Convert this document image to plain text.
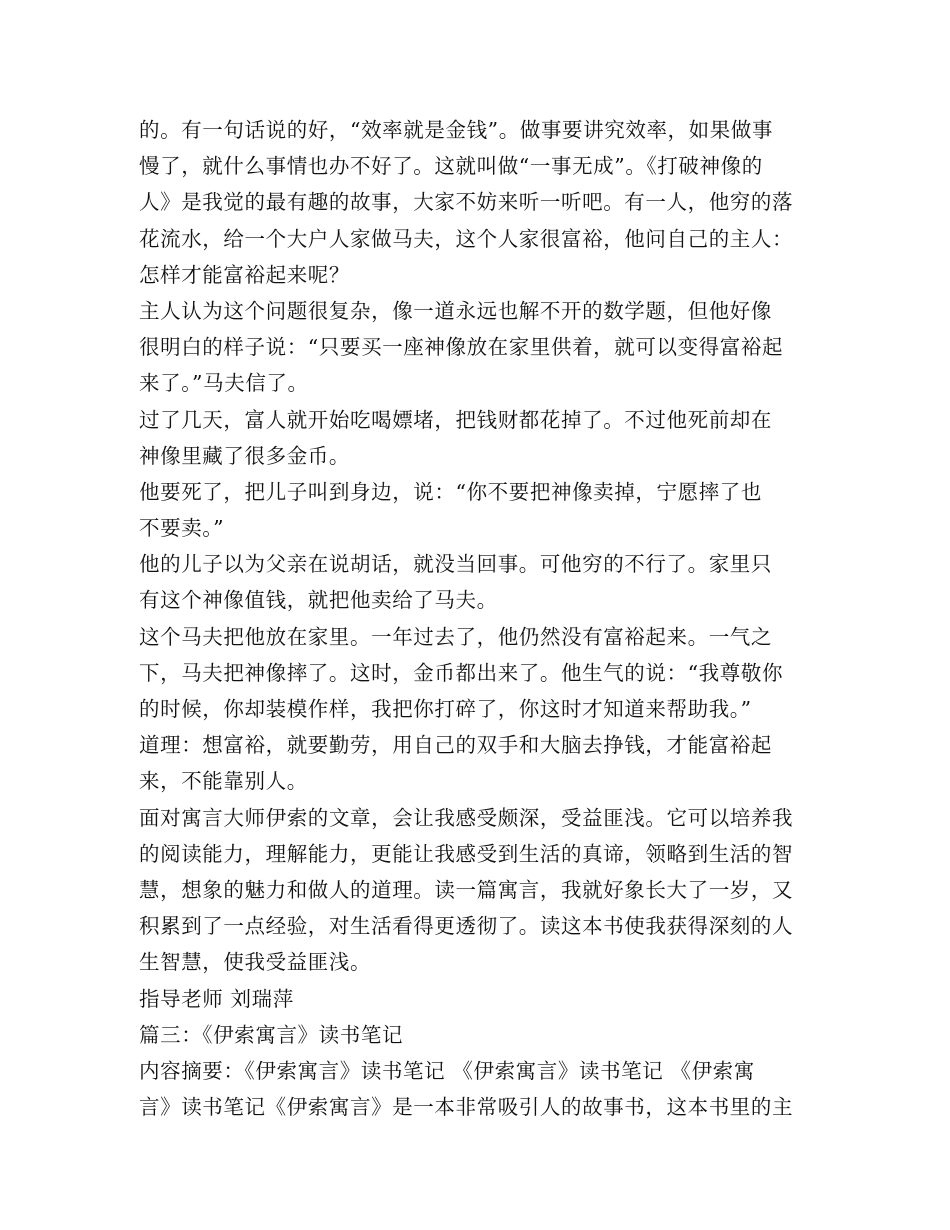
的。有一句话说的好，“效率就是金钱”。做事要讲究效率，如果做事
慢了，就什么事情也办不好了。这就叫做“一事无成”。《打破神像的
人》是我觉的最有趣的故事，大家不妨来听一听吧。有一人，他穷的落
花流水，给一个大户人家做马夫，这个人家很富裕，他问自己的主人：
怎样才能富裕起来呢？
主人认为这个问题很复杂，像一道永远也解不开的数学题，但他好像
很明白的样子说：“只要买一座神像放在家里供着，就可以变得富裕起
来了。”马夫信了。
过了几天，富人就开始吃喝嫖堵，把钱财都花掉了。不过他死前却在
神像里藏了很多金币。
他要死了，把儿子叫到身边，说：“你不要把神像卖掉，宁愿摔了也
不要卖。”
他的儿子以为父亲在说胡话，就没当回事。可他穷的不行了。家里只
有这个神像值钱，就把他卖给了马夫。
这个马夫把他放在家里。一年过去了，他仍然没有富裕起来。一气之
下，马夫把神像摔了。这时，金币都出来了。他生气的说：“我尊敬你
的时候，你却装模作样，我把你打碎了，你这时才知道来帮助我。”
道理：想富裕，就要勤劳，用自己的双手和大脑去挣钱，才能富裕起
来，不能靠别人。
面对寓言大师伊索的文章，会让我感受颇深，受益匪浅。它可以培养我
的阅读能力，理解能力，更能让我感受到生活的真谛，领略到生活的智
慧，想象的魅力和做人的道理。读一篇寓言，我就好象长大了一岁，又
积累到了一点经验，对生活看得更透彻了。读这本书使我获得深刻的人
生智慧，使我受益匪浅。
指导老师 刘瑞萍
篇三：《伊索寓言》读书笔记
内容摘要：《伊索寓言》读书笔记 《伊索寓言》读书笔记 《伊索寓
言》读书笔记《伊索寓言》是一本非常吸引人的故事书，这本书里的主
